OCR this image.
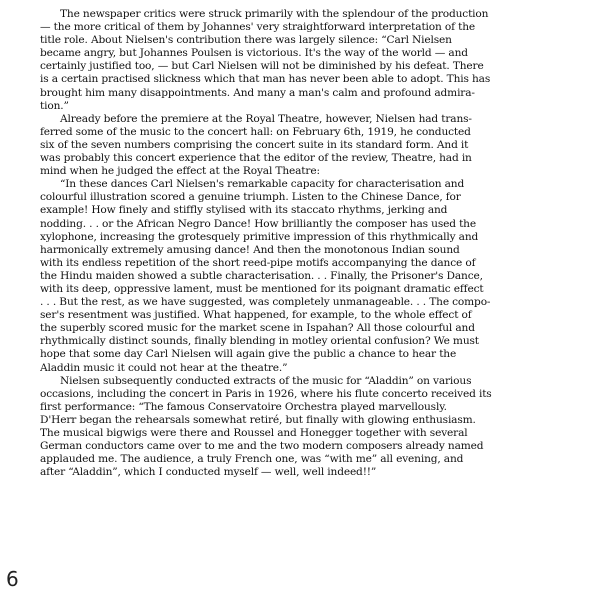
The newspaper critics were struck primarily with the splendour of the production
— the more critical of them by Johannes' very straightforward interpretation of the
title role. About Nielsen's contribution there was largely silence: “Carl Nielsen
became angry, but Johannes Poulsen is victorious. It's the way of the world — and
certainly justified too, — but Carl Nielsen will not be diminished by his defeat. There
is a certain practised slickness which that man has never been able to adopt. This has
brought him many disappointments. And many a man's calm and profound admira-
tion.”
Already before the premiere at the Royal Theatre, however, Nielsen had trans-
ferred some of the music to the concert hall: on February 6th, 1919, he conducted
six of the seven numbers comprising the concert suite in its standard form. And it
was probably this concert experience that the editor of the review, Theatre, had in
mind when he judged the effect at the Royal Theatre:
“In these dances Carl Nielsen's remarkable capacity for characterisation and
colourful illustration scored a genuine triumph. Listen to the Chinese Dance, for
example! How finely and stiffly stylised with its staccato rhythms, jerking and
nodding. . . or the African Negro Dance! How brilliantly the composer has used the
xylophone, increasing the grotesquely primitive impression of this rhythmically and
harmonically extremely amusing dance! And then the monotonous Indian sound
with its endless repetition of the short reed-pipe motifs accompanying the dance of
the Hindu maiden showed a subtle characterisation. . . Finally, the Prisoner's Dance,
with its deep, oppressive lament, must be mentioned for its poignant dramatic effect
. . . But the rest, as we have suggested, was completely unmanageable. . . The compo-
ser's resentment was justified. What happened, for example, to the whole effect of
the superbly scored music for the market scene in Ispahan? All those colourful and
rhythmically distinct sounds, finally blending in motley oriental confusion? We must
hope that some day Carl Nielsen will again give the public a chance to hear the
Aladdin music it could not hear at the theatre.”
Nielsen subsequently conducted extracts of the music for “Aladdin” on various
occasions, including the concert in Paris in 1926, where his flute concerto received its
first performance: “The famous Conservatoire Orchestra played marvellously.
D'Herr began the rehearsals somewhat retiré, but finally with glowing enthusiasm.
The musical bigwigs were there and Roussel and Honegger together with several
German conductors came over to me and the two modern composers already named
applauded me. The audience, a truly French one, was “with me” all evening, and
after “Aladdin”, which I conducted myself — well, well indeed!!”
6
